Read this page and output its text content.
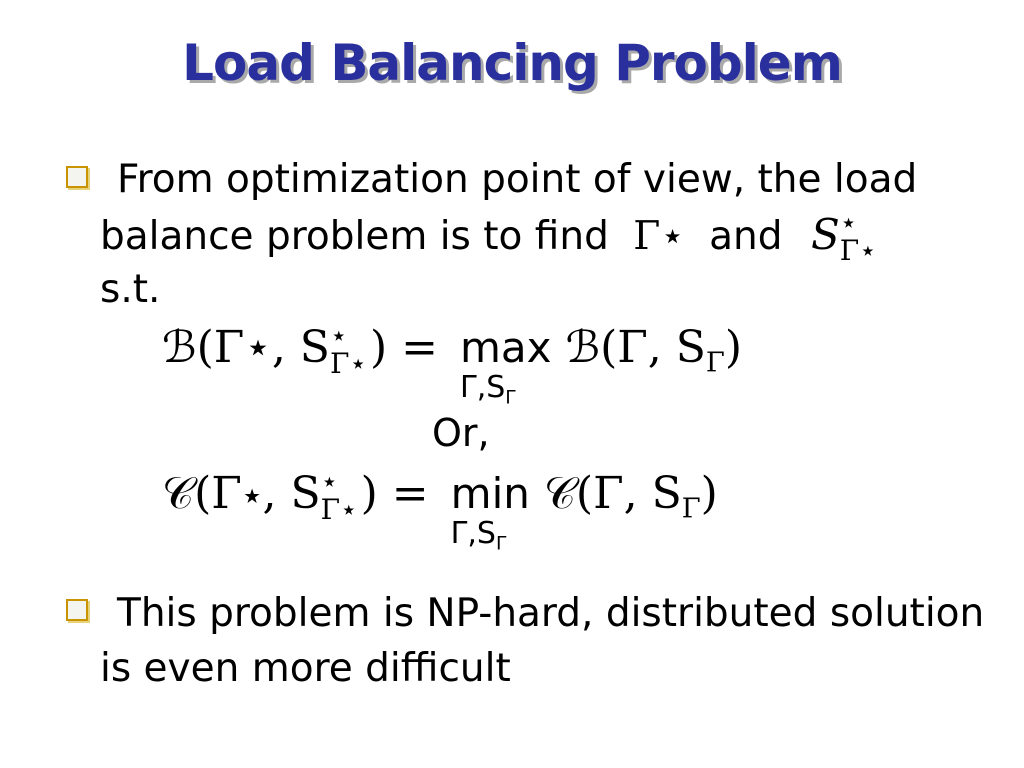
Load Balancing Problem
From optimization point of view, the load
balance problem is to find Γ⋆ and S ⋆
Γ⋆
s.t.
ℬ(Γ⋆, S ⋆
Γ⋆ ) = max
$\Gamma,S_\Gamma$
ℬ(Γ, $S_\Gamma$)
Or,
𝒞(Γ⋆, S ⋆
Γ⋆ ) = min
$\Gamma,S_\Gamma$
𝒞(Γ, $S_\Gamma$)
This problem is NP-hard, distributed solution
is even more difficult
